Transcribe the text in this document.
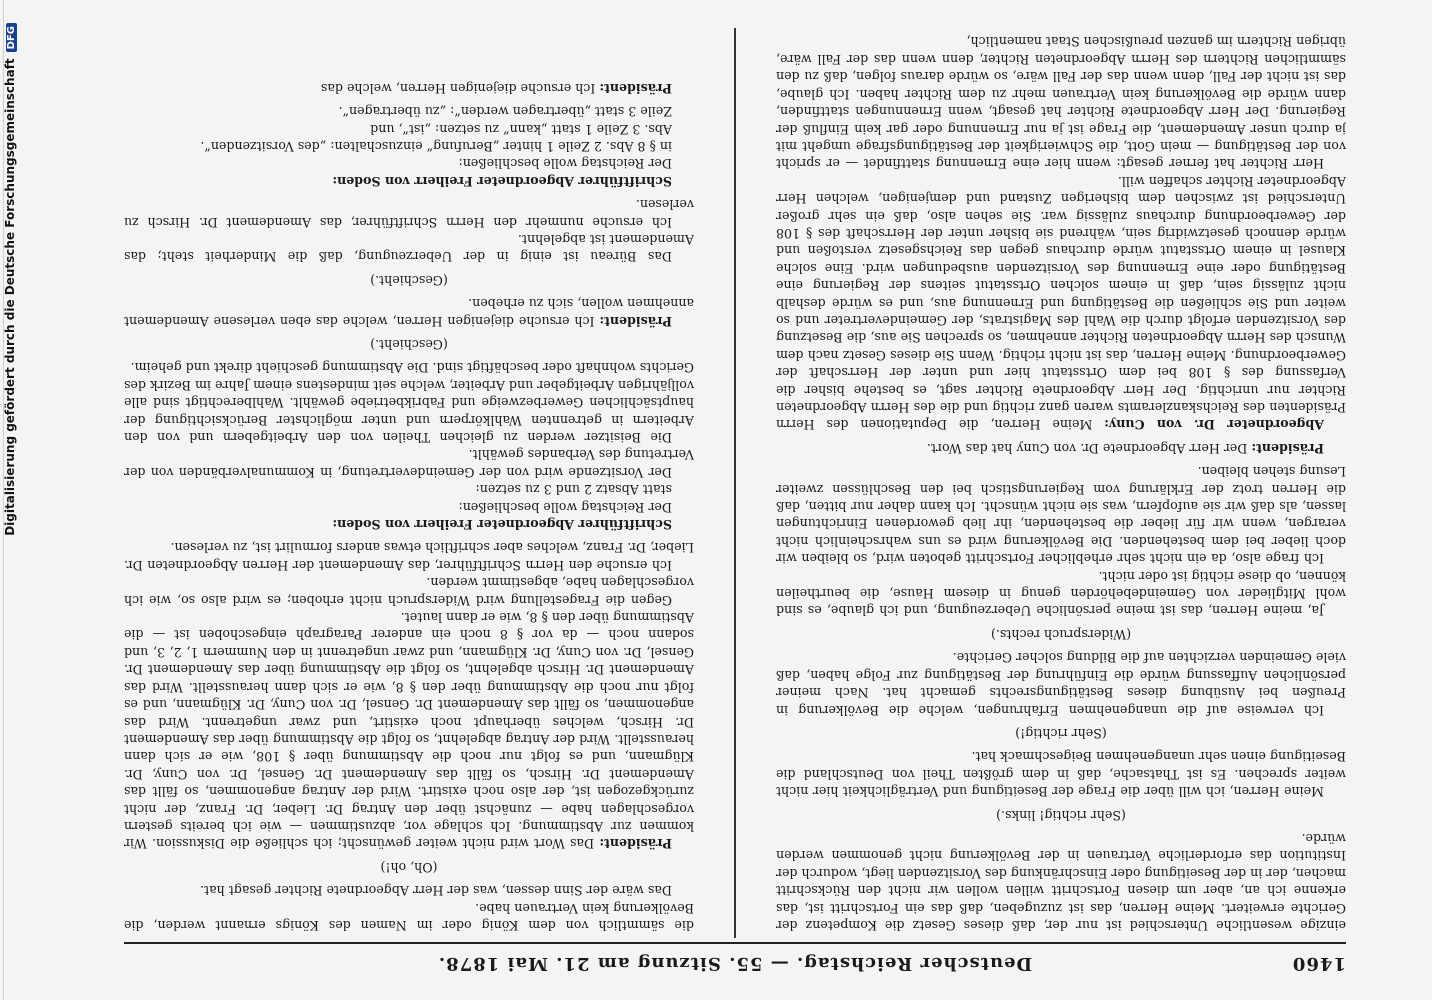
1460
Deutscher Reichstag. — 55. Sitzung am 21. Mai 1878.

einzige wesentliche Unterschied ist nur der, daß dieses Gesetz die Kompetenz der Gerichte erweitert. Meine Herren, das ist zuzugeben, daß das ein Fortschritt ist, das erkenne ich an, aber um diesen Fortschritt willen wollen wir nicht den Rückschritt machen, der in der Beseitigung oder Einschränkung des Vorsitzenden liegt, wodurch der Institution das erforderliche Vertrauen in der Bevölkerung nicht genommen werden würde.

(Sehr richtig! links.)

Meine Herren, ich will über die Frage der Beseitigung und Verträglichkeit hier nicht weiter sprechen. Es ist Thatsache, daß in dem größten Theil von Deutschland die Beseitigung einen sehr unangenehmen Beigeschmack hat.

(Sehr richtig!)

Ich verweise auf die unangenehmen Erfahrungen, welche die Bevölkerung in Preußen bei Ausübung dieses Bestätigungsrechts gemacht hat. Nach meiner persönlichen Auffassung würde die Einführung der Bestätigung zur Folge haben, daß viele Gemeinden verzichten auf die Bildung solcher Gerichte.

(Widerspruch rechts.)

Ja, meine Herren, das ist meine persönliche Ueberzeugung, und ich glaube, es sind wohl Mitglieder von Gemeindebehörden genug in diesem Hause, die beurtheilen können, ob diese richtig ist oder nicht.

Ich frage also, da ein nicht sehr erheblicher Fortschritt geboten wird, so bleiben wir doch lieber bei dem bestehenden. Die Bevölkerung wird es uns wahrscheinlich nicht verargen, wenn wir für lieber die bestehenden, ihr lieb gewordenen Einrichtungen lassen, als daß wir sie aufopfern, was sie nicht wünscht. Ich kann daher nur bitten, daß die Herren trotz der Erklärung vom Regierungstisch bei den Beschlüssen zweiter Lesung stehen bleiben.

Präsident: Der Herr Abgeordnete Dr. von Cuny hat das Wort.

Abgeordneter Dr. von Cuny: Meine Herren, die Deputationen des Herrn Präsidenten des Reichskanzleramts waren ganz richtig und die des Herrn Abgeordneten Richter nur unrichtig. Der Herr Abgeordnete Richter sagt, es bestehe bisher die Verfassung des § 108 bei dem Ortsstatut hier und unter der Herrschaft der Gewerbeordnung. Meine Herren, das ist nicht richtig. Wenn Sie dieses Gesetz nach dem Wunsch des Herrn Abgeordneten Richter annehmen, so sprechen Sie aus, die Besetzung des Vorsitzenden erfolgt durch die Wahl des Magistrats, der Gemeindevertreter und so weiter und Sie schließen die Bestätigung und Ernennung aus, und es würde deshalb nicht zulässig sein, daß in einem solchen Ortsstatut seitens der Regierung eine Bestätigung oder eine Ernennung des Vorsitzenden ausbedungen wird. Eine solche Klausel in einem Ortsstatut würde durchaus gegen das Reichsgesetz verstoßen und würde dennoch gesetzwidrig sein, während sie bisher unter der Herrschaft des § 108 der Gewerbeordnung durchaus zulässig war. Sie sehen also, daß ein sehr großer Unterschied ist zwischen dem bisherigen Zustand und demjenigen, welchen Herr Abgeordneter Richter schaffen will.

Herr Richter hat ferner gesagt: wenn hier eine Ernennung stattfindet — er spricht von der Bestätigung — mein Gott, die Schwierigkeit der Bestätigungsfrage umgeht mit ja durch unser Amendement, die Frage ist ja nur Ernennung oder gar kein Einfluß der Regierung. Der Herr Abgeordnete Richter hat gesagt, wenn Ernennungen stattfinden, dann würde die Bevölkerung kein Vertrauen mehr zu dem Richter haben. Ich glaube, das ist nicht der Fall, denn wenn das der Fall wäre, so würde daraus folgen, daß zu den sämmtlichen Richtern des Herrn Abgeordneten Richter, denn wenn das der Fall wäre, übrigen Richtern im ganzen preußischen Staat namentlich,

die sämmtlich von dem König oder im Namen des Königs ernannt werden, die Bevölkerung kein Vertrauen habe.

Das wäre der Sinn dessen, was der Herr Abgeordnete Richter gesagt hat.

(Oh, oh!)

Präsident: Das Wort wird nicht weiter gewünscht; ich schließe die Diskussion. Wir kommen zur Abstimmung. Ich schlage vor, abzustimmen — wie ich bereits gestern vorgeschlagen habe — zunächst über den Antrag Dr. Lieber, Dr. Franz, der nicht zurückgezogen ist, der also noch existirt. Wird der Antrag angenommen, so fällt das Amendement Dr. Hirsch, so fällt das Amendement Dr. Gensel, Dr. von Cuny, Dr. Klügmann, und es folgt nur noch die Abstimmung über § 108, wie er sich dann herausstellt. Wird der Antrag abgelehnt, so folgt die Abstimmung über das Amendement Dr. Hirsch, welches überhaupt noch existirt, und zwar ungetrennt. Wird das angenommen, so fällt das Amendement Dr. Gensel, Dr. von Cuny, Dr. Klügmann, und es folgt nur noch die Abstimmung über den § 8, wie er sich dann herausstellt. Wird das Amendement Dr. Hirsch abgelehnt, so folgt die Abstimmung über das Amendement Dr. Gensel, Dr. von Cuny, Dr. Klügmann, und zwar ungetrennt in den Nummern 1, 2, 3, und sodann noch — da vor § 8 noch ein anderer Paragraph eingeschoben ist — die Abstimmung über den § 8, wie er dann lautet.

Gegen die Fragestellung wird Widerspruch nicht erhoben; es wird also so, wie ich vorgeschlagen habe, abgestimmt werden.

Ich ersuche den Herrn Schriftführer, das Amendement der Herren Abgeordneten Dr. Lieber, Dr. Franz, welches aber schriftlich etwas anders formulirt ist, zu verlesen.

Schriftführer Abgeordneter Freiherr von Soden:

Der Reichstag wolle beschließen:

statt Absatz 2 und 3 zu setzen:

Der Vorsitzende wird von der Gemeindevertretung, in Kommunalverbänden von der Vertretung des Verbandes gewählt.

Die Beisitzer werden zu gleichen Theilen von den Arbeitgebern und von den Arbeitern in getrennten Wahlkörpern und unter möglichster Berücksichtigung der hauptsächlichen Gewerbezweige und Fabrikbetriebe gewählt. Wahlberechtigt sind alle volljährigen Arbeitgeber und Arbeiter, welche seit mindestens einem Jahre im Bezirk des Gerichts wohnhaft oder beschäftigt sind. Die Abstimmung geschieht direkt und geheim.

(Geschieht.)

Präsident: Ich ersuche diejenigen Herren, welche das eben verlesene Amendement annehmen wollen, sich zu erheben.

(Geschieht.)

Das Büreau ist einig in der Ueberzeugung, daß die Minderheit steht; das Amendement ist abgelehnt.

Ich ersuche nunmehr den Herrn Schriftführer, das Amendement Dr. Hirsch zu verlesen.

Schriftführer Abgeordneter Freiherr von Soden:

Der Reichstag wolle beschließen:

in § 8 Abs. 2 Zeile 1 hinter „Berufung“ einzuschalten: „des Vorsitzenden“.

Abs. 3 Zeile 1 statt „kann“ zu setzen: „ist“, und

Zeile 3 statt „übertragen werden“: „zu übertragen“.

Präsident: Ich ersuche diejenigen Herren, welche das

Digitalisierung gefördert durch die Deutsche ForschungsgemeinschaftDFG
